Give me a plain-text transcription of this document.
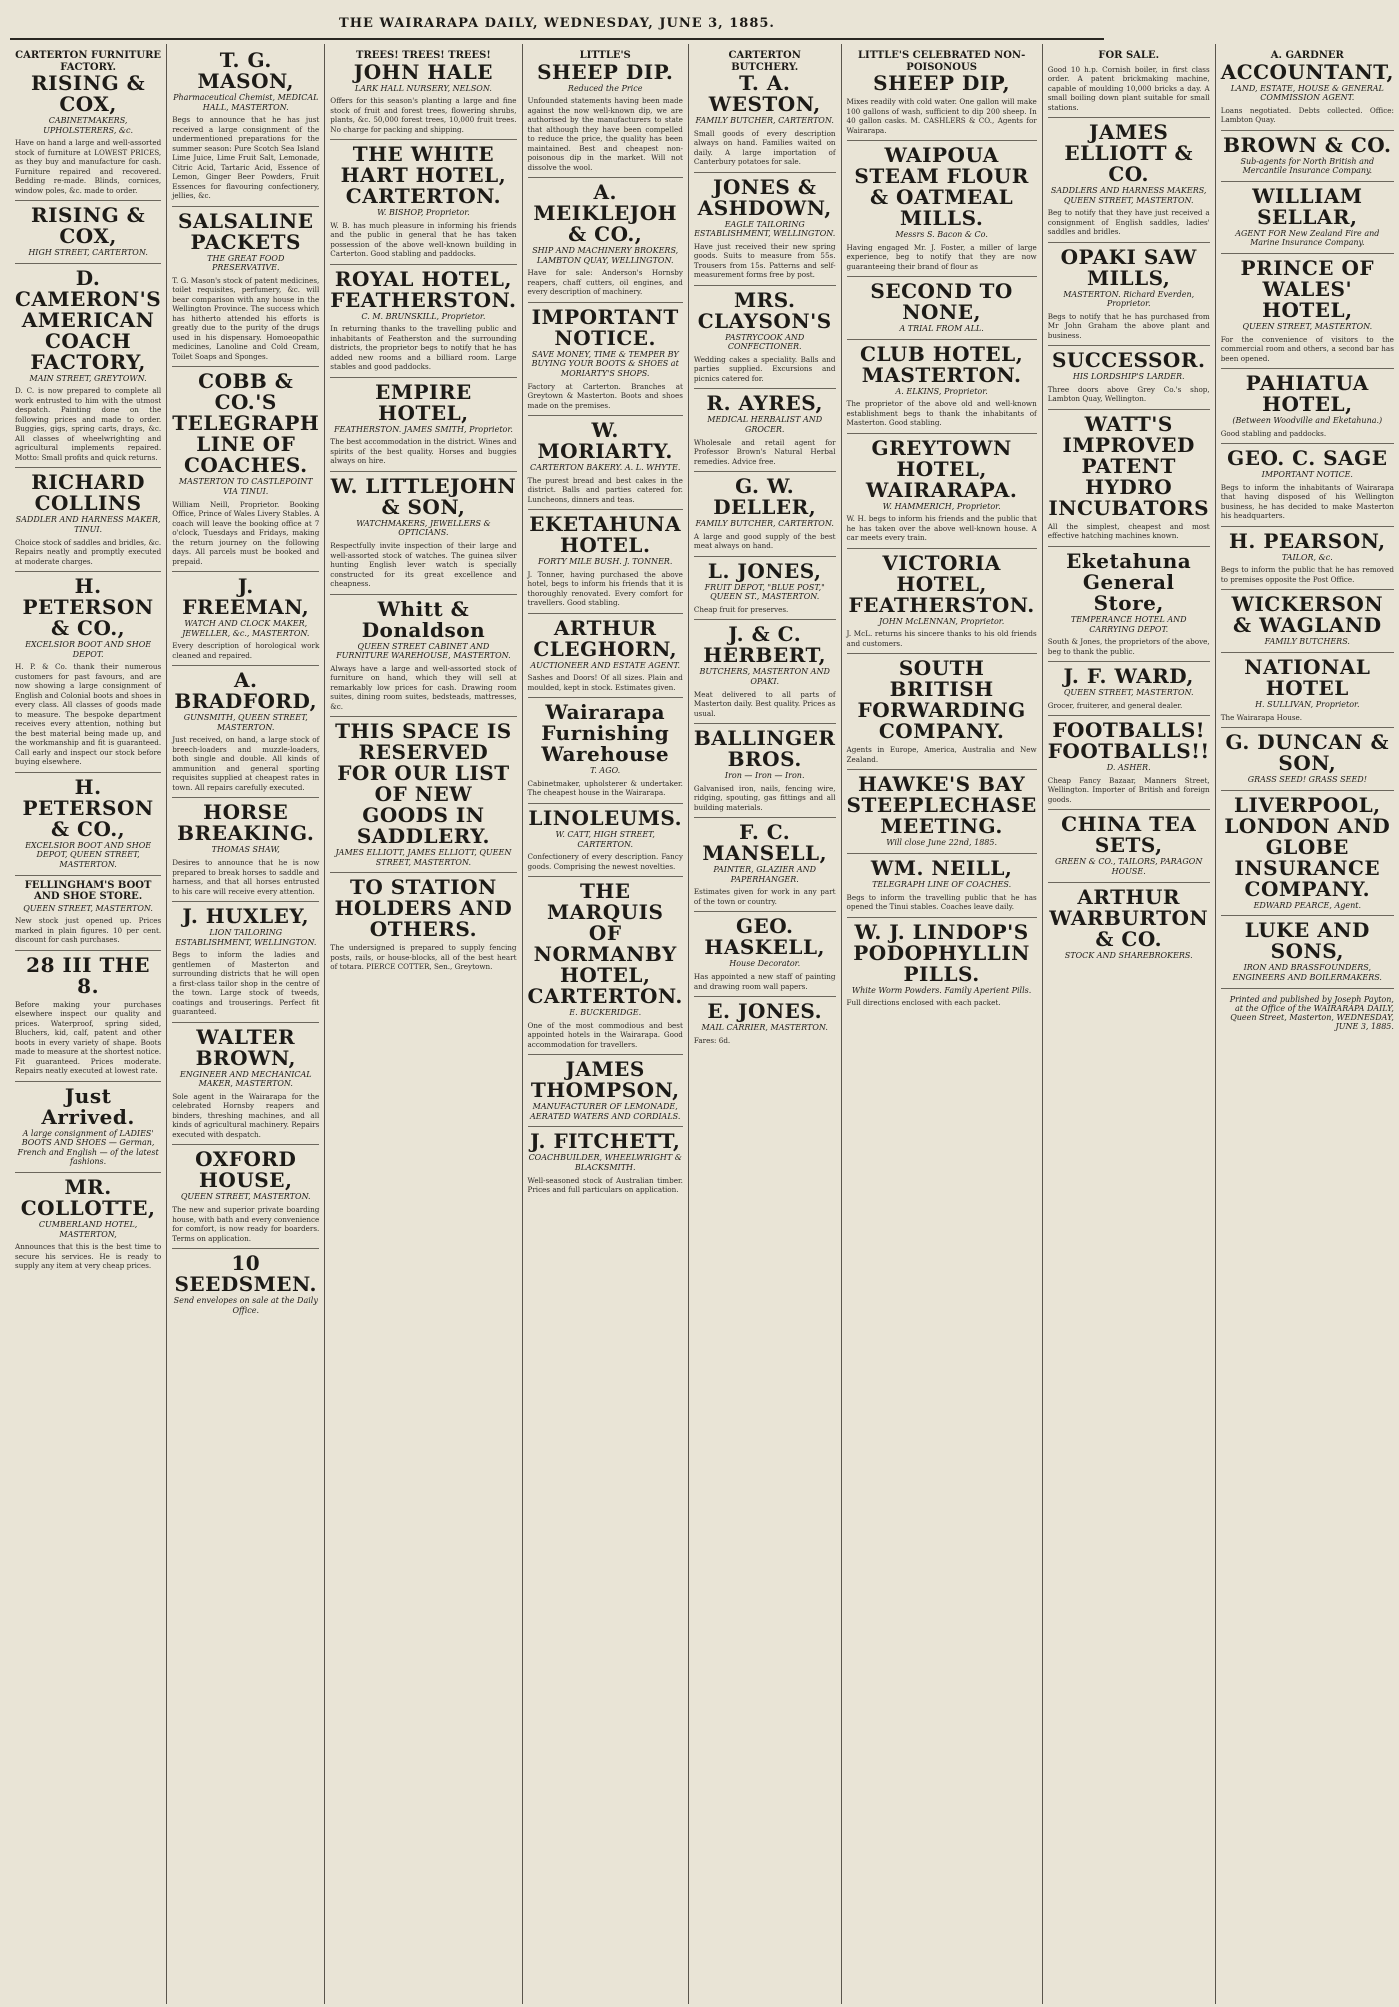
THE WAIRARAPA DAILY, WEDNESDAY, JUNE 3, 1885.
CARTERTON FURNITURE FACTORY.
RISING & COX,
CABINETMAKERS, UPHOLSTERERS, &c.
Have on hand a large and well-assorted stock of furniture at LOWEST PRICES, as they buy and manufacture for cash. Furniture repaired and recovered. Bedding re-made. Blinds, cornices, window poles, &c. made to order.
RISING & COX,
HIGH STREET, CARTERTON.
D. CAMERON'S AMERICAN COACH FACTORY,
MAIN STREET, GREYTOWN.
D. C. is now prepared to complete all work entrusted to him with the utmost despatch. Painting done on the following prices and made to order. Buggies, gigs, spring carts, drays, &c. All classes of wheelwrighting and agricultural implements repaired. Motto: Small profits and quick returns.
RICHARD COLLINS
SADDLER AND HARNESS MAKER, TINUI.
Choice stock of saddles and bridles, &c. Repairs neatly and promptly executed at moderate charges.
H. PETERSON & CO.,
EXCELSIOR BOOT AND SHOE DEPOT.
H. P. & Co. thank their numerous customers for past favours, and are now showing a large consignment of English and Colonial boots and shoes in every class. All classes of goods made to measure. The bespoke department receives every attention, nothing but the best material being made up, and the workmanship and fit is guaranteed. Call early and inspect our stock before buying elsewhere.
H. PETERSON & CO.,
EXCELSIOR BOOT AND SHOE DEPOT, QUEEN STREET, MASTERTON.
FELLINGHAM'S BOOT AND SHOE STORE.
QUEEN STREET, MASTERTON.
New stock just opened up. Prices marked in plain figures. 10 per cent. discount for cash purchases.
28 III THE 8.
Before making your purchases elsewhere inspect our quality and prices. Waterproof, spring sided, Bluchers, kid, calf, patent and other boots in every variety of shape. Boots made to measure at the shortest notice. Fit guaranteed. Prices moderate. Repairs neatly executed at lowest rate.
Just Arrived.
A large consignment of LADIES' BOOTS AND SHOES — German, French and English — of the latest fashions.
MR. COLLOTTE,
CUMBERLAND HOTEL, MASTERTON,
Announces that this is the best time to secure his services. He is ready to supply any item at very cheap prices.
T. G. MASON,
Pharmaceutical Chemist, MEDICAL HALL, MASTERTON.
Begs to announce that he has just received a large consignment of the undermentioned preparations for the summer season: Pure Scotch Sea Island Lime Juice, Lime Fruit Salt, Lemonade, Citric Acid, Tartaric Acid, Essence of Lemon, Ginger Beer Powders, Fruit Essences for flavouring confectionery, jellies, &c.
SALSALINE PACKETS
THE GREAT FOOD PRESERVATIVE.
T. G. Mason's stock of patent medicines, toilet requisites, perfumery, &c. will bear comparison with any house in the Wellington Province. The success which has hitherto attended his efforts is greatly due to the purity of the drugs used in his dispensary. Homoeopathic medicines, Lanoline and Cold Cream, Toilet Soaps and Sponges.
COBB & CO.'S TELEGRAPH LINE OF COACHES.
MASTERTON TO CASTLEPOINT VIA TINUI.
William Neill, Proprietor. Booking Office, Prince of Wales Livery Stables. A coach will leave the booking office at 7 o'clock, Tuesdays and Fridays, making the return journey on the following days. All parcels must be booked and prepaid.
J. FREEMAN,
WATCH AND CLOCK MAKER, JEWELLER, &c., MASTERTON.
Every description of horological work cleaned and repaired.
A. BRADFORD,
GUNSMITH, QUEEN STREET, MASTERTON.
Just received, on hand, a large stock of breech-loaders and muzzle-loaders, both single and double. All kinds of ammunition and general sporting requisites supplied at cheapest rates in town. All repairs carefully executed.
HORSE BREAKING.
THOMAS SHAW,
Desires to announce that he is now prepared to break horses to saddle and harness, and that all horses entrusted to his care will receive every attention.
J. HUXLEY,
LION TAILORING ESTABLISHMENT, WELLINGTON.
Begs to inform the ladies and gentlemen of Masterton and surrounding districts that he will open a first-class tailor shop in the centre of the town. Large stock of tweeds, coatings and trouserings. Perfect fit guaranteed.
WALTER BROWN,
ENGINEER AND MECHANICAL MAKER, MASTERTON.
Sole agent in the Wairarapa for the celebrated Hornsby reapers and binders, threshing machines, and all kinds of agricultural machinery. Repairs executed with despatch.
OXFORD HOUSE,
QUEEN STREET, MASTERTON.
The new and superior private boarding house, with bath and every convenience for comfort, is now ready for boarders. Terms on application.
10 SEEDSMEN.
Send envelopes on sale at the Daily Office.
TREES! TREES! TREES!
JOHN HALE
LARK HALL NURSERY, NELSON.
Offers for this season's planting a large and fine stock of fruit and forest trees, flowering shrubs, plants, &c. 50,000 forest trees, 10,000 fruit trees. No charge for packing and shipping.
THE WHITE HART HOTEL, CARTERTON.
W. BISHOP, Proprietor.
W. B. has much pleasure in informing his friends and the public in general that he has taken possession of the above well-known building in Carterton. Good stabling and paddocks.
ROYAL HOTEL, FEATHERSTON.
C. M. BRUNSKILL, Proprietor.
In returning thanks to the travelling public and inhabitants of Featherston and the surrounding districts, the proprietor begs to notify that he has added new rooms and a billiard room. Large stables and good paddocks.
EMPIRE HOTEL,
FEATHERSTON. JAMES SMITH, Proprietor.
The best accommodation in the district. Wines and spirits of the best quality. Horses and buggies always on hire.
W. LITTLEJOHN & SON,
WATCHMAKERS, JEWELLERS & OPTICIANS.
Respectfully invite inspection of their large and well-assorted stock of watches. The guinea silver hunting English lever watch is specially constructed for its great excellence and cheapness.
Whitt & Donaldson
QUEEN STREET CABINET AND FURNITURE WAREHOUSE, MASTERTON.
Always have a large and well-assorted stock of furniture on hand, which they will sell at remarkably low prices for cash. Drawing room suites, dining room suites, bedsteads, mattresses, &c.
THIS SPACE IS RESERVED FOR OUR LIST OF NEW GOODS IN SADDLERY.
JAMES ELLIOTT, JAMES ELLIOTT, QUEEN STREET, MASTERTON.
TO STATION HOLDERS AND OTHERS.
The undersigned is prepared to supply fencing posts, rails, or house-blocks, all of the best heart of totara. PIERCE COTTER, Sen., Greytown.
LITTLE'S
SHEEP DIP.
Reduced the Price
Unfounded statements having been made against the now well-known dip, we are authorised by the manufacturers to state that although they have been compelled to reduce the price, the quality has been maintained. Best and cheapest non-poisonous dip in the market. Will not dissolve the wool.
A. MEIKLEJOH & CO.,
SHIP AND MACHINERY BROKERS, LAMBTON QUAY, WELLINGTON.
Have for sale: Anderson's Hornsby reapers, chaff cutters, oil engines, and every description of machinery.
IMPORTANT NOTICE.
SAVE MONEY, TIME & TEMPER BY BUYING YOUR BOOTS & SHOES at MORIARTY'S SHOPS.
Factory at Carterton. Branches at Greytown & Masterton. Boots and shoes made on the premises.
W. MORIARTY.
CARTERTON BAKERY. A. L. WHYTE.
The purest bread and best cakes in the district. Balls and parties catered for. Luncheons, dinners and teas.
EKETAHUNA HOTEL.
FORTY MILE BUSH. J. TONNER.
J. Tonner, having purchased the above hotel, begs to inform his friends that it is thoroughly renovated. Every comfort for travellers. Good stabling.
ARTHUR CLEGHORN,
AUCTIONEER AND ESTATE AGENT.
Sashes and Doors! Of all sizes. Plain and moulded, kept in stock. Estimates given.
Wairarapa Furnishing Warehouse
T. AGO.
Cabinetmaker, upholsterer & undertaker. The cheapest house in the Wairarapa.
LINOLEUMS.
W. CATT, HIGH STREET, CARTERTON.
Confectionery of every description. Fancy goods. Comprising the newest novelties.
THE MARQUIS OF NORMANBY HOTEL, CARTERTON.
E. BUCKERIDGE.
One of the most commodious and best appointed hotels in the Wairarapa. Good accommodation for travellers.
JAMES THOMPSON,
MANUFACTURER OF LEMONADE, AERATED WATERS AND CORDIALS.
J. FITCHETT,
COACHBUILDER, WHEELWRIGHT & BLACKSMITH.
Well-seasoned stock of Australian timber. Prices and full particulars on application.
CARTERTON BUTCHERY.
T. A. WESTON,
FAMILY BUTCHER, CARTERTON.
Small goods of every description always on hand. Families waited on daily. A large importation of Canterbury potatoes for sale.
JONES & ASHDOWN,
EAGLE TAILORING ESTABLISHMENT, WELLINGTON.
Have just received their new spring goods. Suits to measure from 55s. Trousers from 15s. Patterns and self-measurement forms free by post.
MRS. CLAYSON'S
PASTRYCOOK AND CONFECTIONER.
Wedding cakes a speciality. Balls and parties supplied. Excursions and picnics catered for.
R. AYRES,
MEDICAL HERBALIST AND GROCER.
Wholesale and retail agent for Professor Brown's Natural Herbal remedies. Advice free.
G. W. DELLER,
FAMILY BUTCHER, CARTERTON.
A large and good supply of the best meat always on hand.
L. JONES,
FRUIT DEPOT, "BLUE POST," QUEEN ST., MASTERTON.
Cheap fruit for preserves.
J. & C. HERBERT,
BUTCHERS, MASTERTON AND OPAKI.
Meat delivered to all parts of Masterton daily. Best quality. Prices as usual.
BALLINGER BROS.
Iron — Iron — Iron.
Galvanised iron, nails, fencing wire, ridging, spouting, gas fittings and all building materials.
F. C. MANSELL,
PAINTER, GLAZIER AND PAPERHANGER.
Estimates given for work in any part of the town or country.
GEO. HASKELL,
House Decorator.
Has appointed a new staff of painting and drawing room wall papers.
E. JONES.
MAIL CARRIER, MASTERTON.
Fares: 6d.
LITTLE'S CELEBRATED NON-POISONOUS
SHEEP DIP,
Mixes readily with cold water. One gallon will make 100 gallons of wash, sufficient to dip 200 sheep. In 40 gallon casks. M. CASHLERS & CO., Agents for Wairarapa.
WAIPOUA STEAM FLOUR & OATMEAL MILLS.
Messrs S. Bacon & Co.
Having engaged Mr. J. Foster, a miller of large experience, beg to notify that they are now guaranteeing their brand of flour as
SECOND TO NONE,
A TRIAL FROM ALL.
CLUB HOTEL, MASTERTON.
A. ELKINS, Proprietor.
The proprietor of the above old and well-known establishment begs to thank the inhabitants of Masterton. Good stabling.
GREYTOWN HOTEL, WAIRARAPA.
W. HAMMERICH, Proprietor.
W. H. begs to inform his friends and the public that he has taken over the above well-known house. A car meets every train.
VICTORIA HOTEL, FEATHERSTON.
JOHN McLENNAN, Proprietor.
J. McL. returns his sincere thanks to his old friends and customers.
SOUTH BRITISH FORWARDING COMPANY.
Agents in Europe, America, Australia and New Zealand.
HAWKE'S BAY STEEPLECHASE MEETING.
Will close June 22nd, 1885.
WM. NEILL,
TELEGRAPH LINE OF COACHES.
Begs to inform the travelling public that he has opened the Tinui stables. Coaches leave daily.
W. J. LINDOP'S PODOPHYLLIN PILLS.
White Worm Powders. Family Aperient Pills.
Full directions enclosed with each packet.
FOR SALE.
Good 10 h.p. Cornish boiler, in first class order. A patent brickmaking machine, capable of moulding 10,000 bricks a day. A small boiling down plant suitable for small stations.
JAMES ELLIOTT & CO.
SADDLERS AND HARNESS MAKERS, QUEEN STREET, MASTERTON.
Beg to notify that they have just received a consignment of English saddles, ladies' saddles and bridles.
OPAKI SAW MILLS,
MASTERTON. Richard Everden, Proprietor.
Begs to notify that he has purchased from Mr John Graham the above plant and business.
SUCCESSOR.
HIS LORDSHIP'S LARDER.
Three doors above Grey Co.'s shop, Lambton Quay, Wellington.
WATT'S IMPROVED PATENT HYDRO INCUBATORS
All the simplest, cheapest and most effective hatching machines known.
Eketahuna General Store,
TEMPERANCE HOTEL AND CARRYING DEPOT.
South & Jones, the proprietors of the above, beg to thank the public.
J. F. WARD,
QUEEN STREET, MASTERTON.
Grocer, fruiterer, and general dealer.
FOOTBALLS! FOOTBALLS!!
D. ASHER.
Cheap Fancy Bazaar, Manners Street, Wellington. Importer of British and foreign goods.
CHINA TEA SETS,
GREEN & CO., TAILORS, PARAGON HOUSE.
ARTHUR WARBURTON & CO.
STOCK AND SHAREBROKERS.
A. GARDNER
ACCOUNTANT,
LAND, ESTATE, HOUSE & GENERAL COMMISSION AGENT.
Loans negotiated. Debts collected. Office: Lambton Quay.
BROWN & CO.
Sub-agents for North British and Mercantile Insurance Company.
WILLIAM SELLAR,
AGENT FOR New Zealand Fire and Marine Insurance Company.
PRINCE OF WALES' HOTEL,
QUEEN STREET, MASTERTON.
For the convenience of visitors to the commercial room and others, a second bar has been opened.
PAHIATUA HOTEL,
(Between Woodville and Eketahuna.)
Good stabling and paddocks.
GEO. C. SAGE
IMPORTANT NOTICE.
Begs to inform the inhabitants of Wairarapa that having disposed of his Wellington business, he has decided to make Masterton his headquarters.
H. PEARSON,
TAILOR, &c.
Begs to inform the public that he has removed to premises opposite the Post Office.
WICKERSON & WAGLAND
FAMILY BUTCHERS.
NATIONAL HOTEL
H. SULLIVAN, Proprietor.
The Wairarapa House.
G. DUNCAN & SON,
GRASS SEED! GRASS SEED!
LIVERPOOL, LONDON AND GLOBE INSURANCE COMPANY.
EDWARD PEARCE, Agent.
LUKE AND SONS,
IRON AND BRASSFOUNDERS, ENGINEERS AND BOILERMAKERS.
Printed and published by Joseph Payton, at the Office of the WAIRARAPA DAILY, Queen Street, Masterton, WEDNESDAY, JUNE 3, 1885.
